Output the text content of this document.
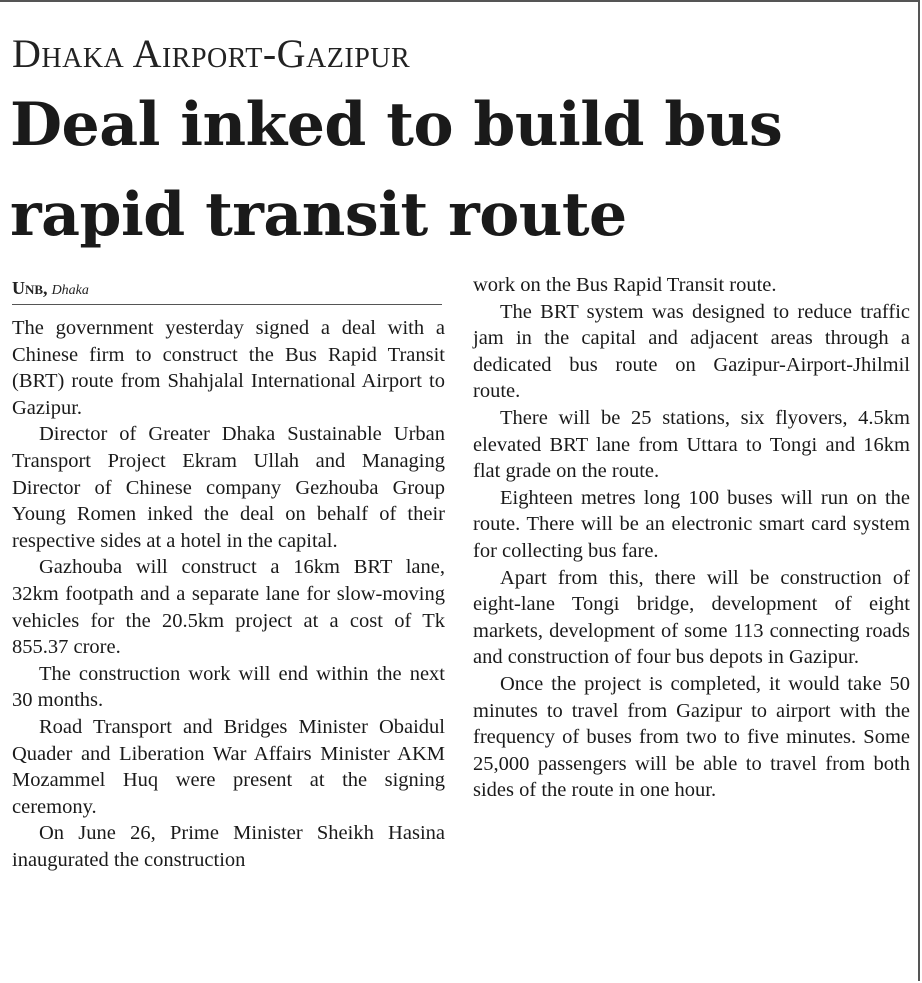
Dhaka Airport-Gazipur
Deal inked to build bus
rapid transit route
Unb, Dhaka

The government yesterday signed a deal with a Chinese firm to construct the Bus Rapid Transit (BRT) route from Shahjalal International Airport to Gazipur.

Director of Greater Dhaka Sustainable Urban Transport Project Ekram Ullah and Managing Director of Chinese company Gezhouba Group Young Romen inked the deal on behalf of their respective sides at a hotel in the capital.

Gazhouba will construct a 16km BRT lane, 32km footpath and a separate lane for slow-moving vehicles for the 20.5km project at a cost of Tk 855.37 crore.

The construction work will end within the next 30 months.

Road Transport and Bridges Minister Obaidul Quader and Liberation War Affairs Minister AKM Mozammel Huq were present at the signing ceremony.

On June 26, Prime Minister Sheikh Hasina inaugurated the construction

work on the Bus Rapid Transit route.

The BRT system was designed to reduce traffic jam in the capital and adjacent areas through a dedicated bus route on Gazipur-Airport-Jhilmil route.

There will be 25 stations, six flyovers, 4.5km elevated BRT lane from Uttara to Tongi and 16km flat grade on the route.

Eighteen metres long 100 buses will run on the route. There will be an electronic smart card system for collecting bus fare.

Apart from this, there will be construction of eight-lane Tongi bridge, development of eight markets, development of some 113 connecting roads and construction of four bus depots in Gazipur.

Once the project is completed, it would take 50 minutes to travel from Gazipur to airport with the frequency of buses from two to five minutes. Some 25,000 passengers will be able to travel from both sides of the route in one hour.
